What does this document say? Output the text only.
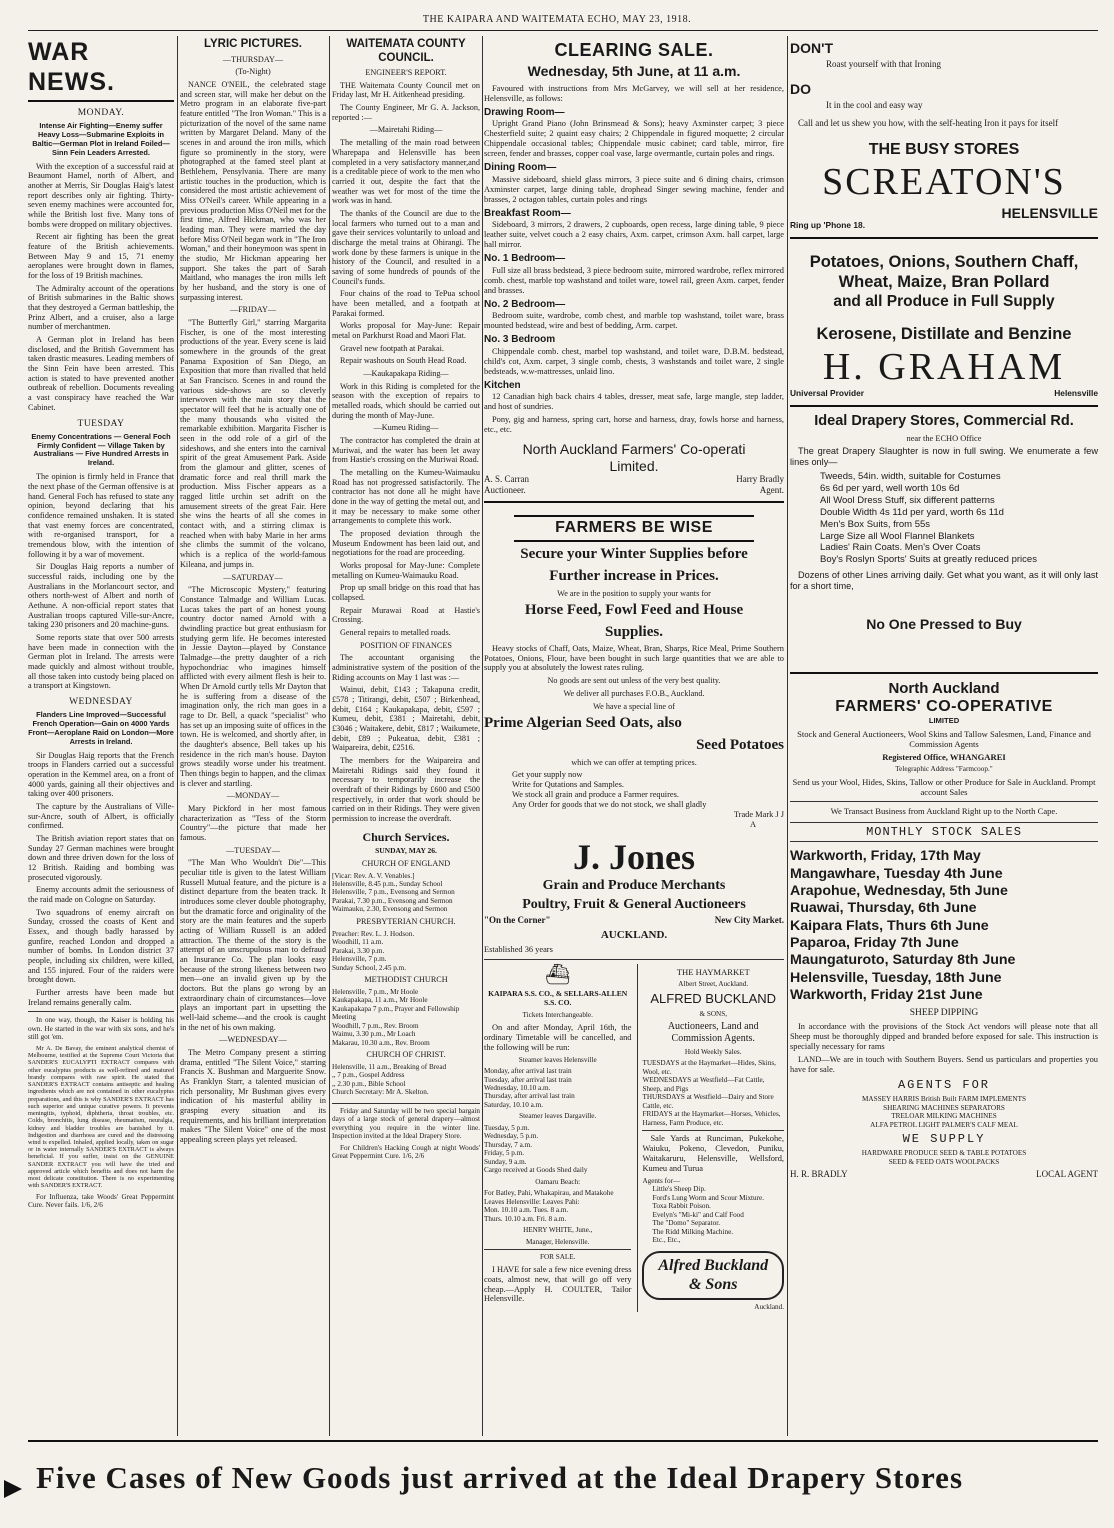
THE KAIPARA AND WAITEMATA ECHO, MAY 23, 1918.
WAR NEWS.
MONDAY.
Intense Air Fighting—Enemy suffer Heavy Loss—Submarine Exploits in Baltic—German Plot in Ireland Foiled—Sinn Fein Leaders Arrested.

With the exception of a successful raid at Beaumont Hamel, north of Albert, and another at Merris, Sir Douglas Haig's latest report describes only air fighting. Thirty-seven enemy machines were accounted for, while the British lost five. Many tons of bombs were dropped on military objectives.

Recent air fighting has been the great feature of the British achievements. Between May 9 and 15, 71 enemy aeroplanes were brought down in flames, for the loss of 19 British machines.

The Admiralty account of the operations of British submarines in the Baltic shows that they destroyed a German battleship, the Prinz Albert, and a cruiser, also a large number of merchantmen.

A German plot in Ireland has been disclosed, and the British Government has taken drastic measures. Leading members of the Sinn Fein have been arrested. This action is stated to have prevented another outbreak of rebellion. Documents revealing a vast conspiracy have reached the War Cabinet.

TUESDAY
Enemy Concentrations — General Foch Firmly Confident — Village Taken by Australians — Five Hundred Arrests in Ireland.

The opinion is firmly held in France that the next phase of the German offensive is at hand. General Foch has refused to state any opinion, beyond declaring that his confidence remained unshaken. It is stated that vast enemy forces are concentrated, with re-organised transport, for a tremendous blow, with the intention of following it by a war of movement.

Sir Douglas Haig reports a number of successful raids, including one by the Australians in the Morlancourt sector, and others north-west of Albert and north of Aethune. A non-official report states that Australian troops captured Ville-sur-Ancre, taking 230 prisoners and 20 machine-guns.

Some reports state that over 500 arrests have been made in connection with the German plot in Ireland. The arrests were made quickly and almost without trouble, all those taken into custody being placed on a transport at Kingstown.

WEDNESDAY
Flanders Line Improved—Successful French Operation—Gain on 4000 Yards Front—Aeroplane Raid on London—More Arrests in Ireland.

Sir Douglas Haig reports that the French troops in Flanders carried out a successful operation in the Kemmel area, on a front of 4000 yards, gaining all their objectives and taking over 400 prisoners.

The capture by the Australians of Ville-sur-Ancre, south of Albert, is officially confirmed.

The British aviation report states that on Sunday 27 German machines were brought down and three driven down for the loss of 12 British. Raiding and bombing was prosecuted vigorously.

Enemy accounts admit the seriousness of the raid made on Cologne on Saturday.

Two squadrons of enemy aircraft on Sunday, crossed the coasts of Kent and Essex, and though badly harassed by gunfire, reached London and dropped a number of bombs. In London district 37 people, including six children, were killed, and 155 injured. Four of the raiders were brought down.

Further arrests have been made but Ireland remains generally calm.

In one way, though, the Kaiser is holding his own. He started in the war with six sons, and he's still got 'em.

Mr A. De Bavay, the eminent analytical chemist of Melbourne, testified at the Supreme Court Victoria that SANDER'S EUCALYPTI EXTRACT compares with other eucalyptus products as well-refined and matured brandy compares with raw spirit. He stated that SANDER'S EXTRACT contains antiseptic and healing ingredients which are not contained in other eucalyptus preparations, and this is why SANDER'S EXTRACT has such superior and unique curative powers. It prevents meningitis, typhoid, diphtheria, throat troubles, etc. Colds, bronchitis, lung disease, rheumatism, neuralgia, kidney and bladder troubles are banished by it. Indigestion and diarrhoea are cured and the distressing wind is expelled. Inhaled, applied locally, taken on sugar or in water internally SANDER'S EXTRACT is always beneficial. If you suffer, insist on the GENUINE SANDER EXTRACT you will have the tried and approved article which benefits and does not harm the most delicate constitution. There is no experimenting with SANDER'S EXTRACT.

For Influenza, take Woods' Great Peppermint Cure. Never fails. 1/6, 2/6

LYRIC PICTURES.
—THURSDAY—
(To-Night)

NANCE O'NEIL, the celebrated stage and screen star, will make her debut on the Metro program in an elaborate five-part feature entitled "The Iron Woman." This is a picturization of the novel of the same name written by Margaret Deland. Many of the scenes in and around the iron mills, which figure so prominently in the story, were photographed at the famed steel plant at Bethlehem, Pensylvania. There are many artistic touches in the production, which is considered the most artistic achievement of Miss O'Neil's career. While appearing in a previous production Miss O'Neil met for the first time, Alfred Hickman, who was her leading man. They were married the day before Miss O'Neil began work in "The Iron Woman," and their honeymoon was spent in the studio, Mr Hickman appearing her support. She takes the part of Sarah Maitland, who manages the iron mills left by her husband, and the story is one of surpassing interest.

—FRIDAY—

"The Butterfly Girl," starring Margarita Fischer, is one of the most interesting productions of the year. Every scene is laid somewhere in the grounds of the great Panama Exposition of San Diego, an Exposition that more than rivalled that held at San Francisco. Scenes in and round the various side-shows are so cleverly interwoven with the main story that the spectator will feel that he is actually one of the many thousands who visited the remarkable exhibition. Margarita Fischer is seen in the odd role of a girl of the sideshows, and she enters into the carnival spirit of the great Amusement Park. Aside from the glamour and glitter, scenes of dramatic force and real thrill mark the production. Miss Fischer appears as a ragged little urchin set adrift on the amusement streets of the great Fair. Here she wins the hearts of all she comes in contact with, and a stirring climax is reached when with baby Marie in her arms she climbs the summit of the volcano, which is a replica of the world-famous Kileana, and jumps in.

—SATURDAY—

"The Microscopic Mystery," featuring Constance Talmadge and William Lucas. Lucas takes the part of an honest young country doctor named Arnold with a dwindling practice but great enthusiasm for studying germ life. He becomes interested in Jessie Dayton—played by Constance Talmadge—the pretty daughter of a rich hypochondriac who imagines himself afflicted with every ailment flesh is heir to. When Dr Arnold curtly tells Mr Dayton that he is suffering from a disease of the imagination only, the rich man goes in a rage to Dr. Bell, a quack "specialist" who has set up an imposing suite of offices in the town. He is welcomed, and shortly after, in the daughter's absence, Bell takes up his residence in the rich man's house. Dayton grows steadily worse under his treatment. Then things begin to happen, and the climax is clever and startling.

—MONDAY—

Mary Pickford in her most famous characterization as "Tess of the Storm Country"—the picture that made her famous.

—TUESDAY—

"The Man Who Wouldn't Die"—This peculiar title is given to the latest William Russell Mutual feature, and the picture is a distinct departure from the beaten track. It introduces some clever double photography, but the dramatic force and originality of the story are the main features and the superb acting of William Russell is an added attraction. The theme of the story is the attempt of an unscrupulous man to defraud an Insurance Co. The plan looks easy because of the strong likeness between two men—one an invalid given up by the doctors. But the plans go wrong by an extraordinary chain of circumstances—love plays an important part in upsetting the well-laid scheme—and the crook is caught in the net of his own making.

—WEDNESDAY—

The Metro Company present a stirring drama, entitled "The Silent Voice," starring Francis X. Bushman and Marguerite Snow. As Franklyn Starr, a talented musician of rich personality, Mr Bushman gives every indication of his masterful ability in grasping every situation and its requirements, and his brilliant interpretation makes "The Silent Voice" one of the most appealing screen plays yet released.

WAITEMATA COUNTY COUNCIL.
ENGINEER'S REPORT.

THE Waitemata County Council met on Friday last, Mr H. Aitkenhead presiding.

The County Engineer, Mr G. A. Jackson, reported :—

—Mairetahi Riding—

The metalling of the main road between Wharepapa and Helensville has been completed in a very satisfactory manner,and is a creditable piece of work to the men who carried it out, despite the fact that the weather was wet for most of the time the work was in hand.

The thanks of the Council are due to the local farmers who turned out to a man and gave their services voluntarily to unload and discharge the metal trains at Ohirangi. The work done by these farmers is unique in the history of the Council, and resulted in a saving of some hundreds of pounds of the Council's funds.

Four chains of the road to TePua school have been metalled, and a footpath at Parakai formed.

Works proposal for May-June: Repair metal on Parkhurst Road and Maori Flat.

Gravel new footpath at Parakai.

Repair washouts on South Head Road.

—Kaukapakapa Riding—

Work in this Riding is completed for the season with the exception of repairs to metalled roads, which should be carried out during the month of May-June.

—Kumeu Riding—

The contractor has completed the drain at Muriwai, and the water has been let away from Hastie's crossing on the Muriwai Road.

The metalling on the Kumeu-Waimauku Road has not progressed satisfactorily. The contractor has not done all he might have done in the way of getting the metal out, and it may be necessary to make some other arrangements to complete this work.

The proposed deviation through the Museum Endowment has been laid out, and negotiations for the road are proceeding.

Works proposal for May-June: Complete metalling on Kumeu-Waimauku Road.

Prop up small bridge on this road that has collapsed.

Repair Murawai Road at Hastie's Crossing.

General repairs to metalled roads.

POSITION OF FINANCES

The accountant organising the administrative system of the position of the Riding accounts on May 1 last was :—

Wainui, debit, £143 ; Takapuna credit, £578 ; Titirangi, debit, £507 ; Birkenhead, debit, £164 ; Kaukapakapa, debit, £597 ; Kumeu, debit, £381 ; Mairetahi, debit, £3046 ; Waitakere, debit, £817 ; Waikumete, debit, £89 ; Pukeatua, debit, £381 ; Waipareira, debit, £2516.

The members for the Waipareira and Mairetahi Ridings said they found it necessary to temporarily increase the overdraft of their Ridings by £600 and £500 respectively, in order that work should be carried on in their Ridings. They were given permission to increase the overdraft.

Church Services.
SUNDAY, MAY 26.
CHURCH OF ENGLAND
[Vicar: Rev. A. V. Venables.]
Helensville, 8.45 p.m., Sunday School
Helensville, 7 p.m., Evensong and Sermon
Parakai, 7.30 p.m., Evensong and Sermon
Waimauku, 2.30, Evensong and Sermon
PRESBYTERIAN CHURCH.
Preacher: Rev. L. J. Hodson.
Woodhill, 11 a.m.
Parakai, 3.30 p.m.
Helensville, 7 p.m.
Sunday School, 2.45 p.m.
METHODIST CHURCH
Helensville, 7 p.m., Mr Hoole
Kaukapakapa, 11 a.m., Mr Hoole
Kaukapakapa 7 p.m., Prayer and Fellowship Meeting
Woodhill, 7 p.m., Rev. Broom
Waimu, 3.30 p.m., Mr Loach
Makarau, 10.30 a.m., Rev. Broom
CHURCH OF CHRIST.
Helensville, 11 a.m., Breaking of Bread
,, 7 p.m., Gospel Address
,, 2.30 p.m., Bible School
Church Secretary: Mr A. Skelton.

Friday and Saturday will be two special bargain days of a large stock of general drapery—almost everything you require in the winter line. Inspection invited at the Ideal Drapery Store.

For Children's Hacking Cough at night Woods' Great Peppermint Cure. 1/6, 2/6

CLEARING SALE.
Wednesday, 5th June, at 11 a.m.

Favoured with instructions from Mrs McGarvey, we will sell at her residence, Helensville, as follows:

Drawing Room—

Upright Grand Piano (John Brinsmead & Sons); heavy Axminster carpet; 3 piece Chesterfield suite; 2 quaint easy chairs; 2 Chippendale in figured moquette; 2 circular Chippendale occasional tables; Chippendale music cabinet; card table, mirror, fire screen, fender and brasses, copper coal vase, large overmantle, curtain poles and rings.

Dining Room—

Massive sideboard, shield glass mirrors, 3 piece suite and 6 dining chairs, crimson Axminster carpet, large dining table, drophead Singer sewing machine, fender and brasses, 2 octagon tables, curtain poles and rings

Breakfast Room—

Sideboard, 3 mirrors, 2 drawers, 2 cupboards, open recess, large dining table, 9 piece leather suite, velvet couch a 2 easy chairs, Axm. carpet, crimson Axm. hall carpet, large hall mirror.

No. 1 Bedroom—

Full size all brass bedstead, 3 piece bedroom suite, mirrored wardrobe, reflex mirrored comb. chest, marble top washstand and toilet ware, towel rail, green Axm. carpet, fender and brasses.

No. 2 Bedroom—

Bedroom suite, wardrobe, comb chest, and marble top washstand, toilet ware, brass mounted bedstead, wire and best of bedding, Arm. carpet.

No. 3 Bedroom

Chippendale comb. chest, marbel top washstand, and toilet ware, D.B.M. bedstead, child's cot, Axm. carpet, 3 single comb, chests, 3 washstands and toilet ware, 2 single bedsteads, w.w-mattresses, unlaid lino.

Kitchen

12 Canadian high back chairs 4 tables, dresser, meat safe, large mangle, step ladder, and host of sundries.

Pony, gig and harness, spring cart, horse and harness, dray, fowls horse and harness, etc., etc.

North Auckland Farmers' Co-operati
Limited.
A. S. Carran	Harry Bradly
Auctioneer.	Agent.
FARMERS BE WISE
Secure your Winter Supplies before
Further increase in Prices.
We are in the position to supply your wants for
Horse Feed, Fowl Feed and House
Supplies.

Heavy stocks of Chaff, Oats, Maize, Wheat, Bran, Sharps, Rice Meal, Prime Southern Potatoes, Onions, Flour, have been bought in such large quantities that we are able to supply you at absolutely the lowest rates ruling.

No goods are sent out unless of the very best quality.
We deliver all purchases F.O.B., Auckland.
We have a special line of
Prime Algerian Seed Oats, also
Seed Potatoes
which we can offer at tempting prices.
Get your supply now
Write for Qutations and Samples.
We stock all grain and produce a Farmer requires.
Any Order for goods that we do not stock, we shall gladly
Trade Mark J J
A
J. Jones
Grain and Produce Merchants
Poultry, Fruit & General Auctioneers
"On the Corner"	New City Market.
AUCKLAND.
Established 36 years
⛴
KAIPARA S.S. CO., & SELLARS-ALLEN S.S. CO.
Tickets Interchangeable.

On and after Monday, April 16th, the ordinary Timetable will be cancelled, and the following will be run:

Steamer leaves Helensville
Monday, after arrival last train
Tuesday, after arrival last train
Wednesday, 10.10 a.m.
Thursday, after arrival last train
Saturday, 10.10 a.m.
Steamer leaves Dargaville.
Tuesday, 5 p.m.
Wednesday, 5 p.m.
Thursday, 7 a.m.
Friday, 5 p.m.
Sunday, 9 a.m.
Cargo received at Goods Shed daily
Oamaru Beach:
For Batley, Pahi, Whakapirau, and Matakohe
Leaves Helensville: Leaves Pahi:
Mon. 10.10 a.m. Tues. 8 a.m.
Thurs. 10.10 a.m. Fri. 8 a.m.
HENRY WHITE, June.,
Manager, Helensville.
FOR SALE.

I HAVE for sale a few nice evening dress coats, almost new, that will go off very cheap.—Apply H. COULTER, Tailor Helensville.

THE HAYMARKET
Albert Street, Auckland.
ALFRED BUCKLAND
& SONS,
Auctioneers, Land and Commission Agents.
Hold Weekly Sales.
TUESDAYS at the Haymarket—Hides, Skins, Wool, etc.
WEDNESDAYS at Westfield—Fat Cattle, Sheep, and Pigs
THURSDAYS at Westfield—Dairy and Store Cattle, etc.
FRIDAYS at the Haymarket—Horses, Vehicles, Harness, Farm Produce, etc.

Sale Yards at Runciman, Pukekohe, Waiuku, Pokeno, Clevedon, Puniku, Waitakaruru, Helensville, Wellsford, Kumeu and Turua

Agents for—
Little's Sheep Dip.
Ford's Lung Worm and Scour Mixture.
Toxa Rabbit Poison.
Evelyn's "Mi-ki" and Calf Food
The "Domo" Separator.
The Ridd Milking Machine.
Etc., Etc.,
Alfred Buckland & Sons
Auckland.
DON'T
Roast yourself with that Ironing
DO
It in the cool and easy way

Call and let us shew you how, with the self-heating Iron it pays for itself

THE BUSY STORES
SCREATON'S
HELENSVILLE
Ring up 'Phone 18.
Potatoes, Onions, Southern Chaff, Wheat, Maize, Bran Pollard
and all Produce in Full Supply
Kerosene, Distillate and Benzine
H. GRAHAM
Universal Provider	Helensville
Ideal Drapery Stores, Commercial Rd.
near the ECHO Office

The great Drapery Slaughter is now in full swing. We enumerate a few lines only—

Tweeds, 54in. width, suitable for Costumes
6s 6d per yard, well worth 10s 6d
All Wool Dress Stuff, six different patterns
Double Width 4s 11d per yard, worth 6s 11d
Men's Box Suits, from 55s
Large Size all Wool Flannel Blankets
Ladies' Rain Coats. Men's Over Coats
Boy's Roslyn Sports' Suits at greatly reduced prices

Dozens of other Lines arriving daily. Get what you want, as it will only last for a short time,

No One Pressed to Buy
North Auckland
FARMERS' CO-OPERATIVE
LIMITED
Stock and General Auctioneers, Wool Skins and Tallow Salesmen, Land, Finance and Commission Agents
Registered Office, WHANGAREI
Telegraphic Address "Farmcoop."
Send us your Wool, Hides, Skins, Tallow or other Produce for Sale in Auckland. Prompt account Sales
We Transact Business from Auckland Right up to the North Cape.
MONTHLY STOCK SALES
Warkworth, Friday, 17th May
Mangawhare, Tuesday 4th June
Arapohue, Wednesday, 5th June
Ruawai, Thursday, 6th June
Kaipara Flats, Thurs 6th June
Paparoa, Friday 7th June
Maungaturoto, Saturday 8th June
Helensville, Tuesday, 18th June
Warkworth, Friday 21st June
SHEEP DIPPING

In accordance with the provisions of the Stock Act vendors will please note that all Sheep must be thoroughly dipped and branded before exposed for sale. This instruction is specially necessary for rams

LAND—We are in touch with Southern Buyers. Send us particulars and properties you have for sale.

AGENTS FOR
MASSEY HARRIS British Built FARM IMPLEMENTS
SHEARING MACHINES SEPARATORS
TRELOAR MILKING MACHINES
ALFA PETROL LIGHT PALMER'S CALF MEAL
WE SUPPLY
HARDWARE PRODUCE SEED & TABLE POTATOES
SEED & FEED OATS WOOLPACKS
H. R. BRADLY	LOCAL AGENT
Five Cases of New Goods just arrived at the Ideal Drapery Stores
